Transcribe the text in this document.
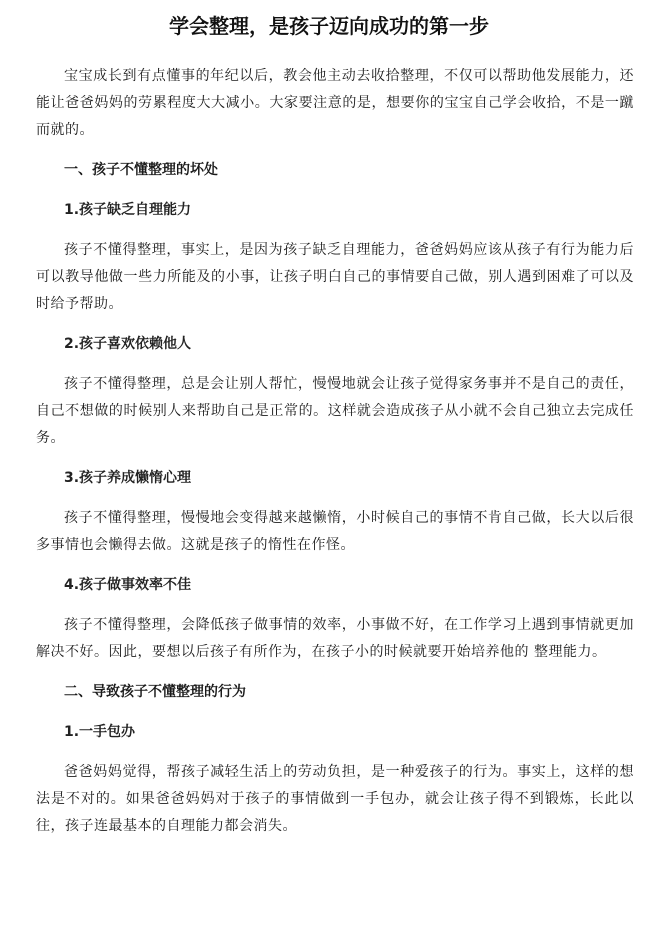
学会整理，是孩子迈向成功的第一步

宝宝成长到有点懂事的年纪以后，教会他主动去收拾整理，不仅可以帮助他发展能力，还能让爸爸妈妈的劳累程度大大减小。大家要注意的是，想要你的宝宝自己学会收拾，不是一蹴而就的。

一、孩子不懂整理的坏处
1.孩子缺乏自理能力

孩子不懂得整理，事实上，是因为孩子缺乏自理能力，爸爸妈妈应该从孩子有行为能力后可以教导他做一些力所能及的小事，让孩子明白自己的事情要自己做，别人遇到困难了可以及时给予帮助。

2.孩子喜欢依赖他人

孩子不懂得整理，总是会让别人帮忙，慢慢地就会让孩子觉得家务事并不是自己的责任，自己不想做的时候别人来帮助自己是正常的。这样就会造成孩子从小就不会自己独立去完成任务。

3.孩子养成懒惰心理

孩子不懂得整理，慢慢地会变得越来越懒惰，小时候自己的事情不肯自己做，长大以后很多事情也会懒得去做。这就是孩子的惰性在作怪。

4.孩子做事效率不佳

孩子不懂得整理，会降低孩子做事情的效率，小事做不好，在工作学习上遇到事情就更加解决不好。因此，要想以后孩子有所作为，在孩子小的时候就要开始培养他的 整理能力。

二、导致孩子不懂整理的行为
1.一手包办

爸爸妈妈觉得，帮孩子减轻生活上的劳动负担，是一种爱孩子的行为。事实上，这样的想法是不对的。如果爸爸妈妈对于孩子的事情做到一手包办，就会让孩子得不到锻炼，长此以往，孩子连最基本的自理能力都会消失。
